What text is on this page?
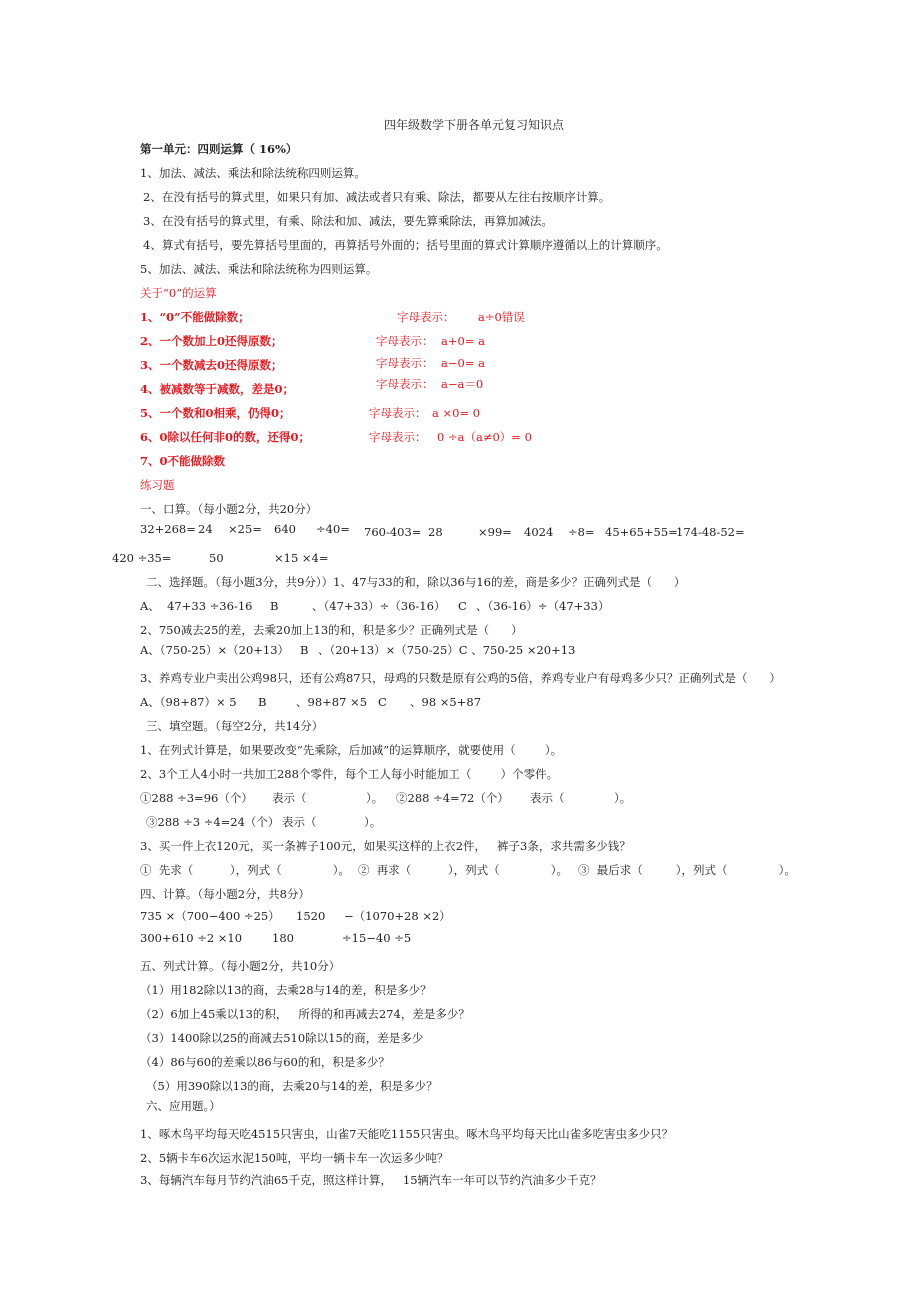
四年级数学下册各单元复习知识点
第一单元：四则运算（ 16%）
1、加法、减法、乘法和除法统称四则运算。
2、在没有括号的算式里，如果只有加、减法或者只有乘、除法，都要从左往右按顺序计算。
3、在没有括号的算式里，有乘、除法和加、减法，要先算乘除法，再算加减法。
4、算式有括号，要先算括号里面的，再算括号外面的；括号里面的算式计算顺序遵循以上的计算顺序。
5、加法、减法、乘法和除法统称为四则运算。
关于“0”的运算
1、“0”不能做除数；	字母表示： a÷0错误
2、一个数加上0还得原数；	字母表示： a+0= a
3、一个数减去0还得原数；	字母表示： a−0= a
4、被减数等于减数，差是0；	字母表示： a−a＝0
5、一个数和0相乘，仍得0；	字母表示： a ×0= 0
6、0除以任何非0的数，还得0；	字母表示： 0 ÷a（a≠0）= 0
7、0不能做除数
练习题
一、口算。（每小题2分，共20分）
32+268= 24 ×25= 640 ÷40= 760-403= 28	×99= 4024 ÷8= 45+65+55=
174-48-52=
420 ÷35=	50	×15 ×4=
二、选择题。（每小题3分，共9分））1、47与33的和，除以36与16的差，商是多少？正确列式是（      ）
A、  47+33 ÷36-16 B	、（47+33）÷（36-16） C 、（36-16）÷（47+33）
2、750减去25的差，去乘20加上13的和，积是多少？正确列式是（      ）
A、（750-25）×（20+13） B 、（20+13）×（750-25）C 、750-25 ×20+13
3、养鸡专业户卖出公鸡98只，还有公鸡87只，母鸡的只数是原有公鸡的5倍，养鸡专业户有母鸡多少只？正确列式是（      ）
A、（98+87）× 5 B	、98+87 ×5 C 、98 ×5+87
三、填空题。（每空2分，共14分）
1、在列式计算是，如果要改变“先乘除，后加减”的运算顺序，就要使用（        ）。
2、3个工人4小时一共加工288个零件，每个工人每小时能加工（        ）个零件。
①288 ÷3=96（个） 表示（	）。 ②288 ÷4=72（个） 表示（	）。
③288 ÷3 ÷4=24（个） 表示（	）。
3、买一件上衣120元，买一条裤子100元，如果买这样的上衣2件，   裤子3条，求共需多少钱？
①  先求（          ），列式（              ）。 ②  再求（          ），列式（              ）。 ③  最后求（         ），列式（              ）。
四、计算。（每小题2分，共8分）
735 ×（700−400 ÷25） 1520 −（1070+28 ×2）
300+610 ÷2 ×10	180	÷15−40 ÷5
五、列式计算。（每小题2分，共10分）
（1）用182除以13的商，去乘28与14的差，积是多少？
（2）6加上45乘以13的积，   所得的和再减去274，差是多少？
（3）1400除以25的商减去510除以15的商，差是多少
（4）86与60的差乘以86与60的和，积是多少？
（5）用390除以13的商，去乘20与14的差，积是多少？
六、应用题。）
1、啄木鸟平均每天吃4515只害虫，山雀7天能吃1155只害虫。啄木鸟平均每天比山雀多吃害虫多少只？
2、5辆卡车6次运水泥150吨，平均一辆卡车一次运多少吨？
3、每辆汽车每月节约汽油65千克，照这样计算，   15辆汽车一年可以节约汽油多少千克？
